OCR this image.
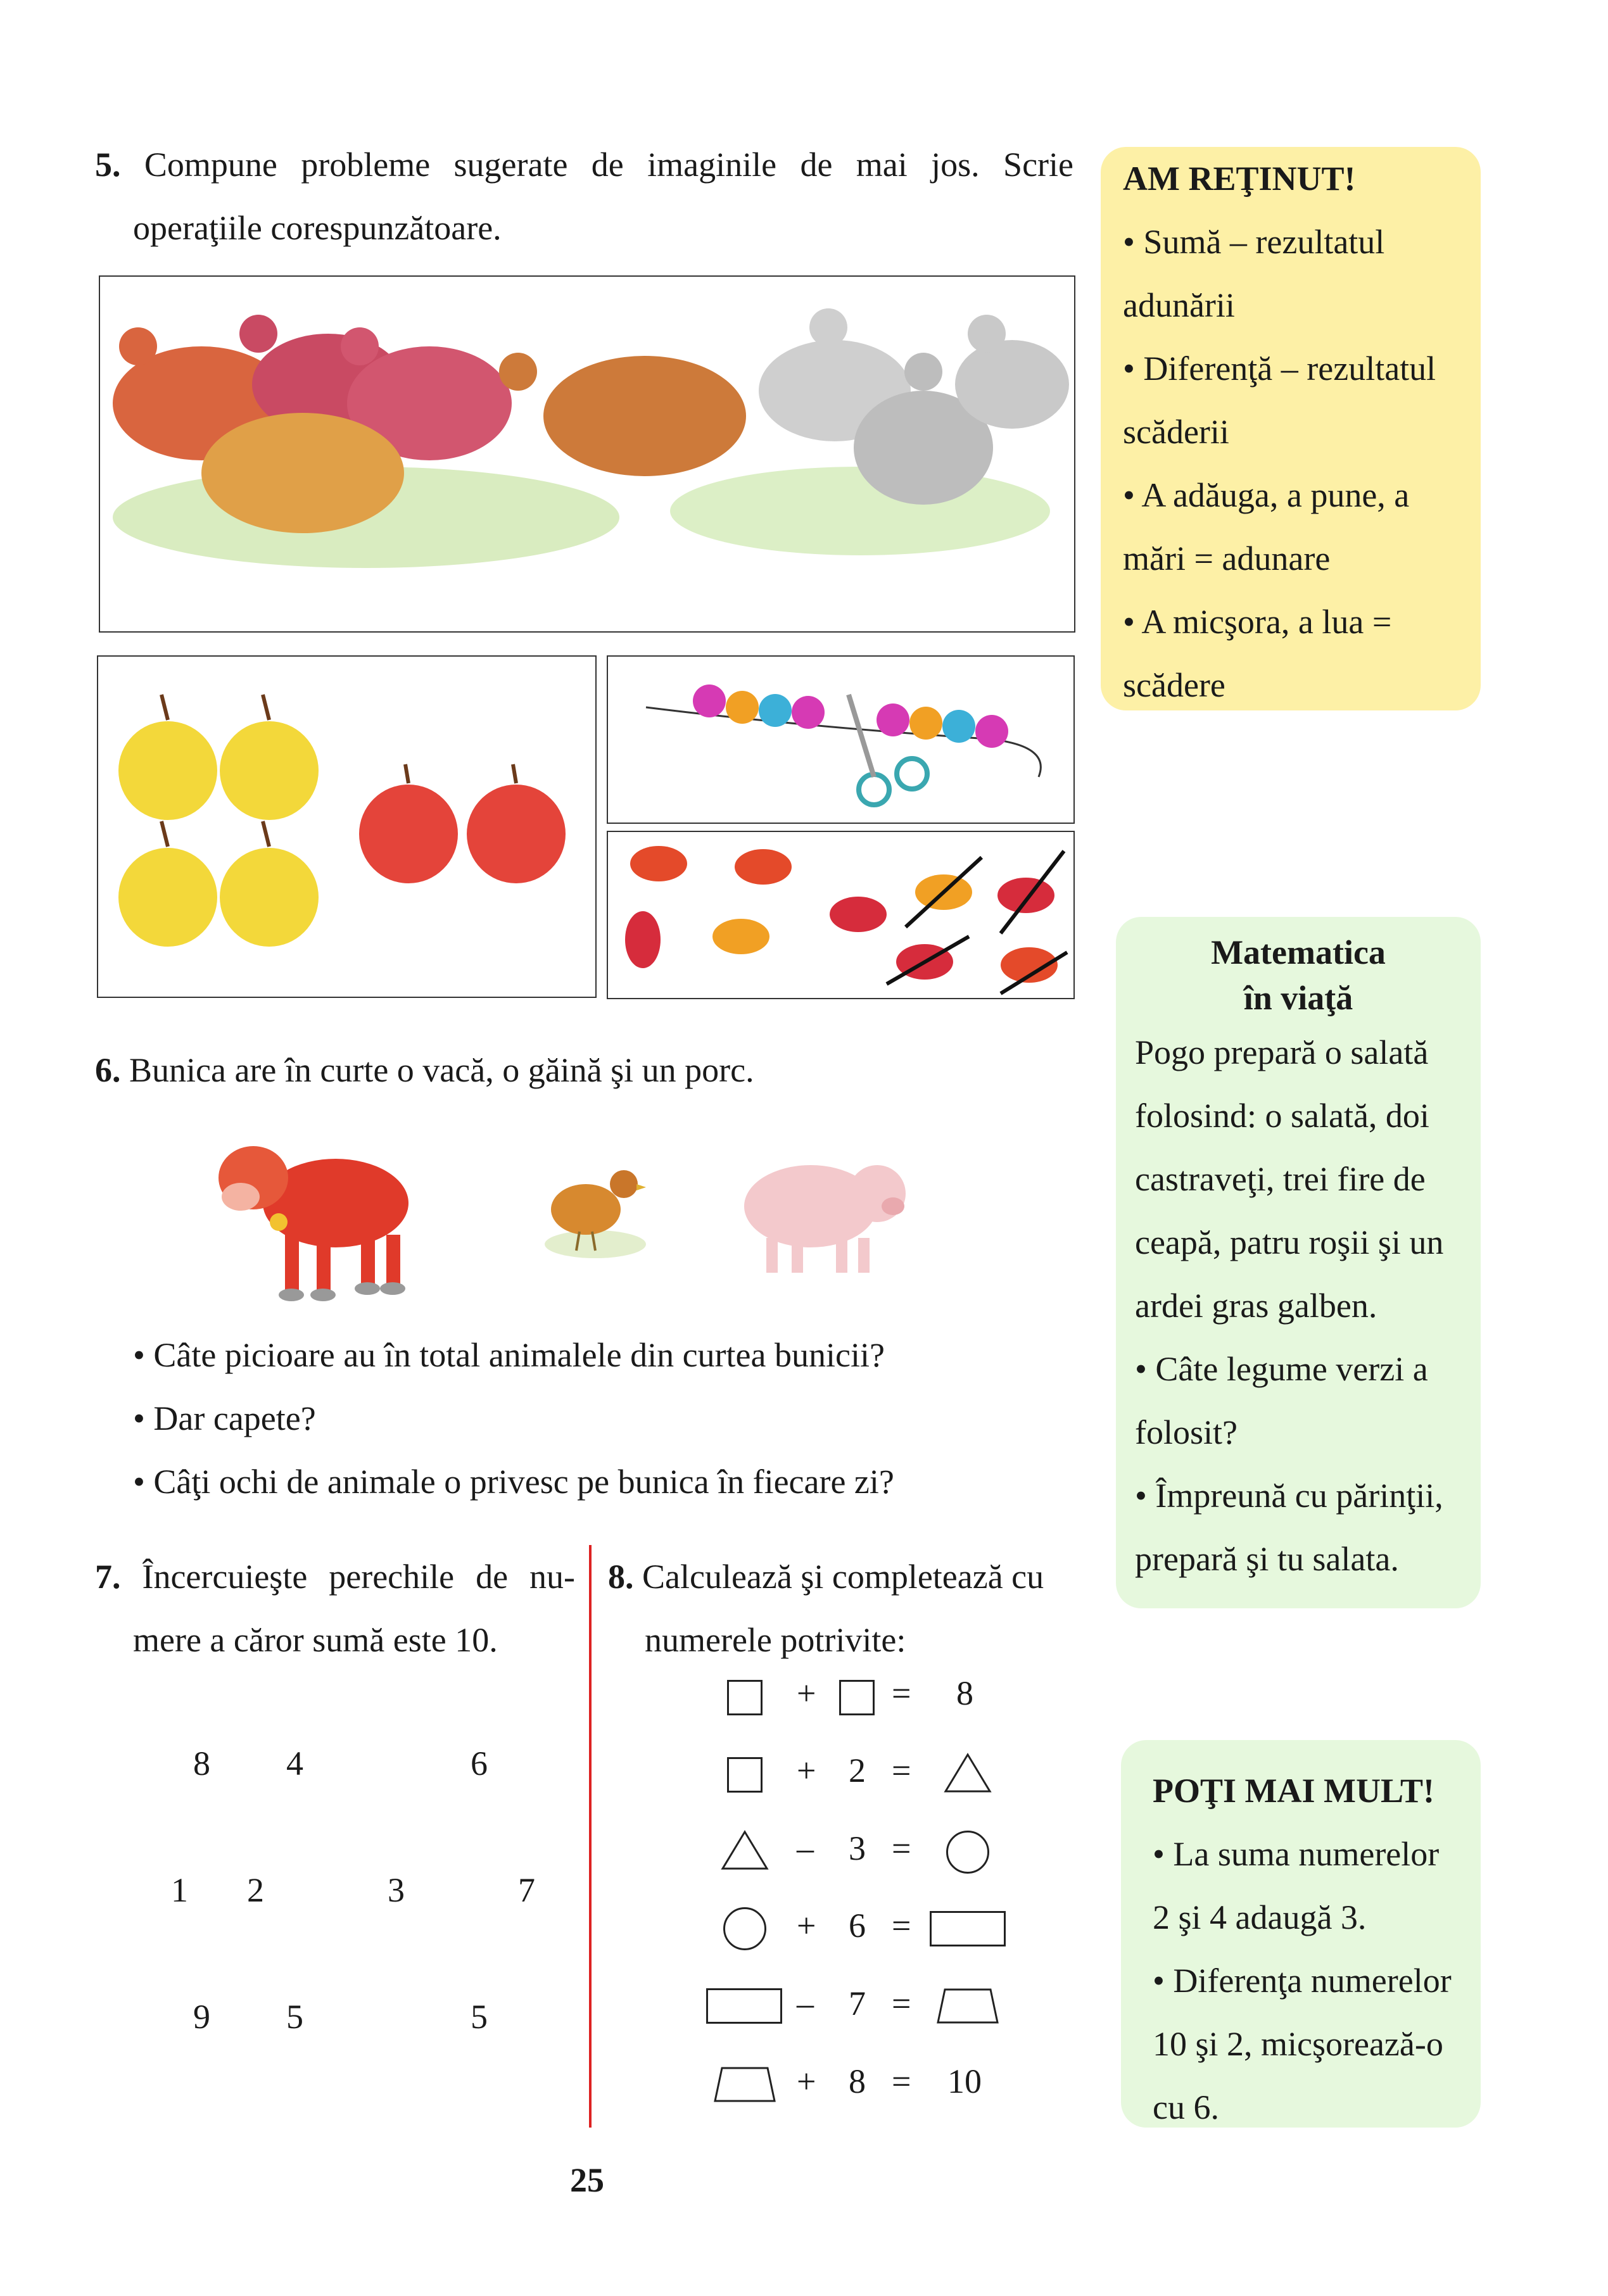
5. Compune probleme sugerate de imaginile de mai jos. Scrie
operaţiile corespunzătoare.
6. Bunica are în curte o vacă, o găină şi un porc.
• Câte picioare au în total animalele din curtea bunicii?
• Dar capete?
• Câţi ochi de animale o privesc pe bunica în fiecare zi?
7. Încercuieşte perechile de nu-
mere a căror sumă este 10.
8 4	6
1 2	3	7
9 5	5
8. Calculează şi completează cu
numerele potrivite:
+ = 8
+ 2 =
– 3 =
+ 6 =
– 7 =
+ 8 = 10
AM REŢINUT!
• Sumă – rezultatul
adunării
• Diferenţă – rezultatul
scăderii
• A adăuga, a pune, a
mări = adunare
• A micşora, a lua =
scădere
Matematica
în viaţă
Pogo prepară o salată
folosind: o salată, doi
castraveţi, trei fire de
ceapă, patru roşii şi un
ardei gras galben.
• Câte legume verzi a
folosit?
• Împreună cu părinţii,
prepară şi tu salata.
POŢI MAI MULT!
• La suma numerelor
2 şi 4 adaugă 3.
• Diferenţa numerelor
10 şi 2, micşorează-o
cu 6.
25
